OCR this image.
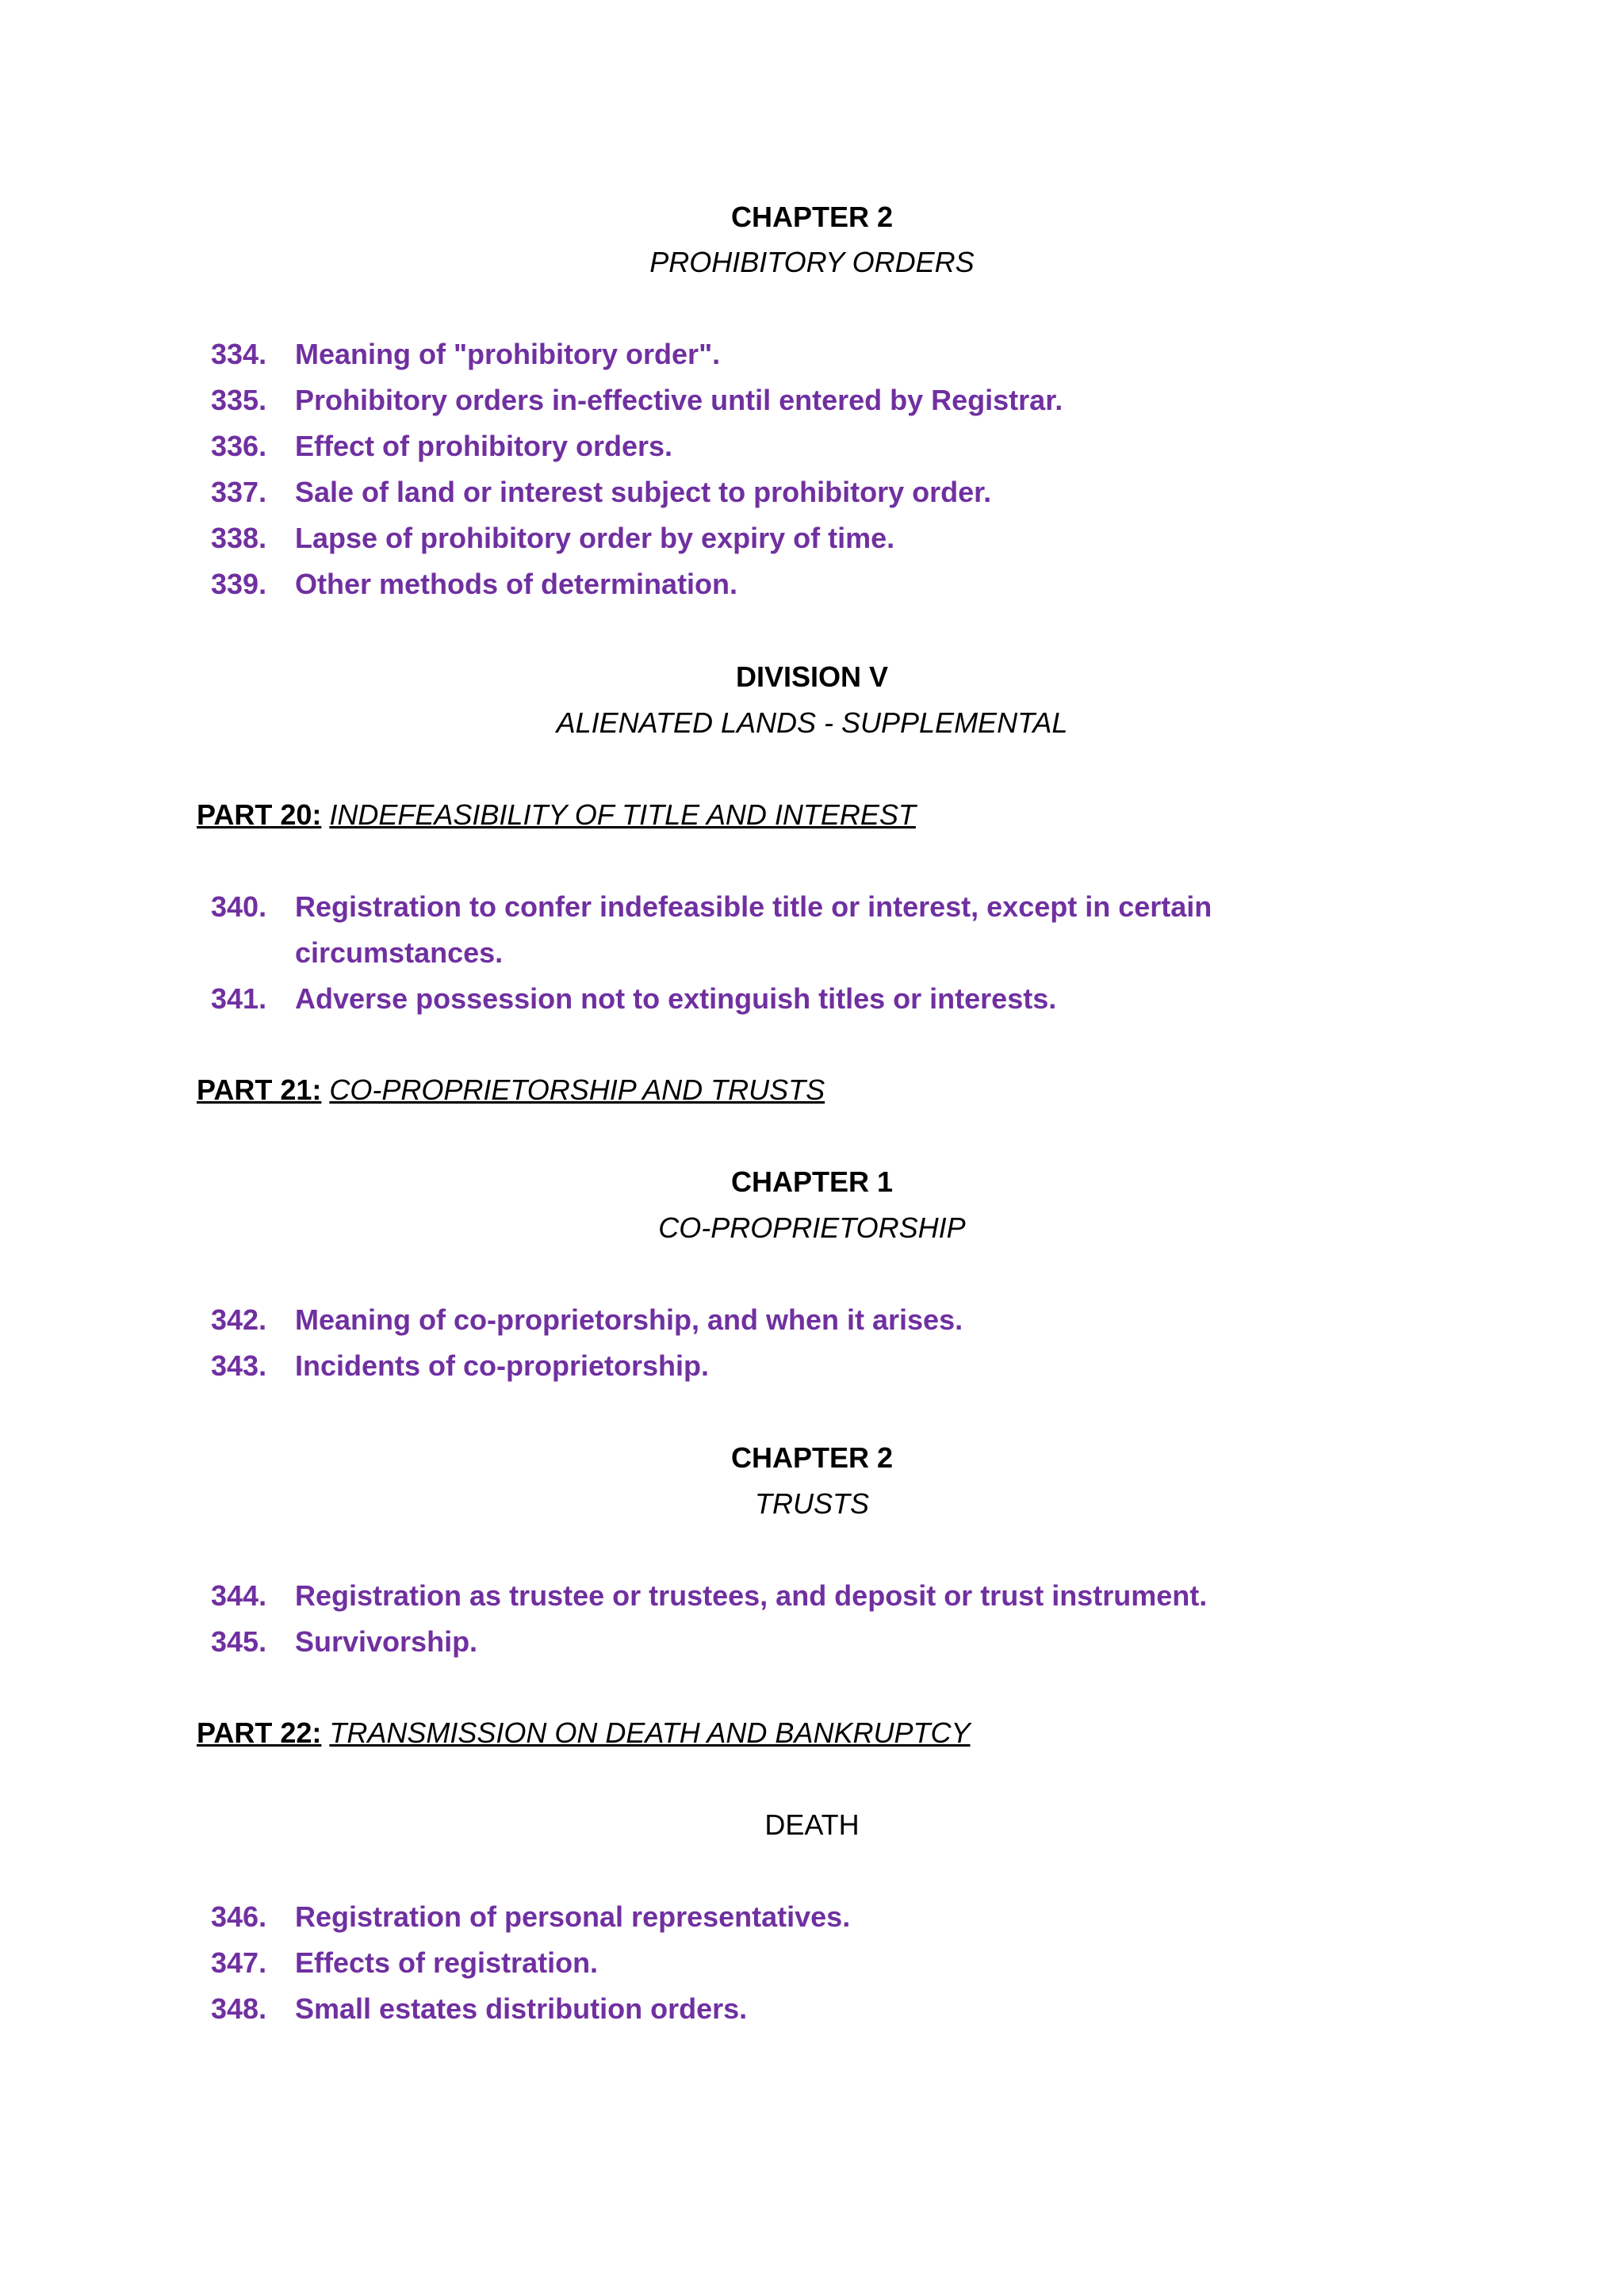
CHAPTER 2
PROHIBITORY ORDERS
334. Meaning of "prohibitory order".
335. Prohibitory orders in-effective until entered by Registrar.
336. Effect of prohibitory orders.
337. Sale of land or interest subject to prohibitory order.
338. Lapse of prohibitory order by expiry of time.
339. Other methods of determination.
DIVISION V
ALIENATED LANDS - SUPPLEMENTAL
PART 20: INDEFEASIBILITY OF TITLE AND INTEREST
340. Registration to confer indefeasible title or interest, except in certain
circumstances.
341. Adverse possession not to extinguish titles or interests.
PART 21: CO-PROPRIETORSHIP AND TRUSTS
CHAPTER 1
CO-PROPRIETORSHIP
342. Meaning of co-proprietorship, and when it arises.
343. Incidents of co-proprietorship.
CHAPTER 2
TRUSTS
344. Registration as trustee or trustees, and deposit or trust instrument.
345. Survivorship.
PART 22: TRANSMISSION ON DEATH AND BANKRUPTCY
DEATH
346. Registration of personal representatives.
347. Effects of registration.
348. Small estates distribution orders.
